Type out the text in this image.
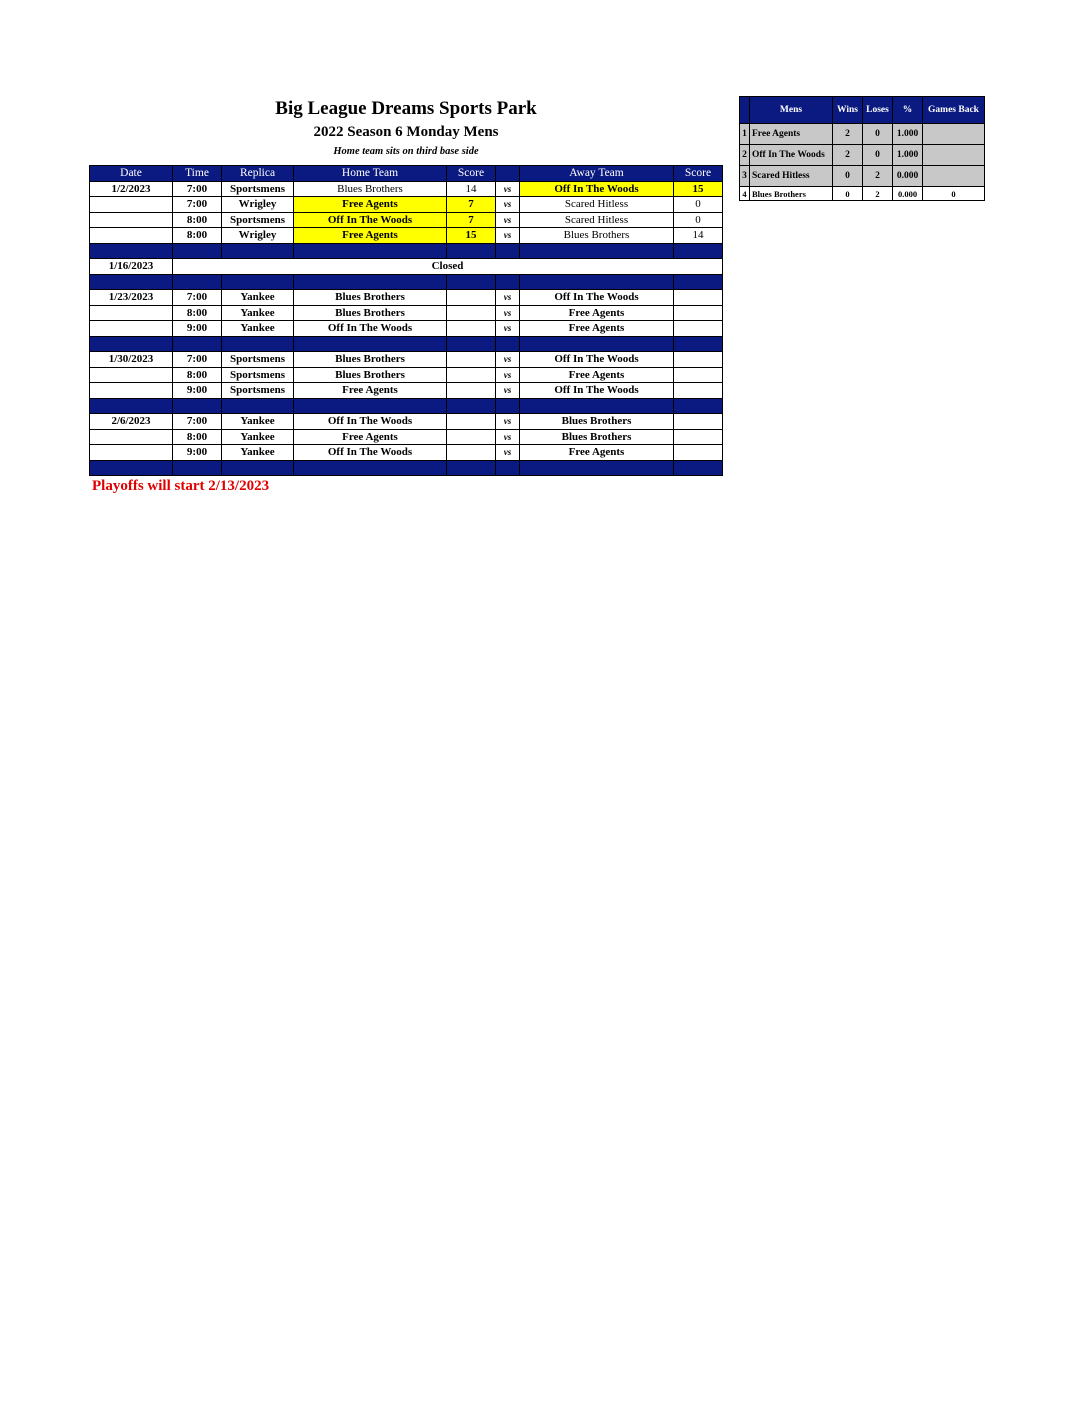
Big League Dreams Sports Park
2022 Season 6 Monday Mens
Home team sits on third base side
Date	Time	Replica	Home Team	Score		Away Team	Score
1/2/2023	7:00	Sportsmens	Blues Brothers	14	vs	Off In The Woods	15
	7:00	Wrigley	Free Agents	7	vs	Scared Hitless	0
	8:00	Sportsmens	Off In The Woods	7	vs	Scared Hitless	0
	8:00	Wrigley	Free Agents	15	vs	Blues Brothers	14

1/16/2023	Closed						

1/23/2023	7:00	Yankee	Blues Brothers		vs	Off In The Woods	
	8:00	Yankee	Blues Brothers		vs	Free Agents	
	9:00	Yankee	Off In The Woods		vs	Free Agents	

1/30/2023	7:00	Sportsmens	Blues Brothers		vs	Off In The Woods	
	8:00	Sportsmens	Blues Brothers		vs	Free Agents	
	9:00	Sportsmens	Free Agents		vs	Off In The Woods	

2/6/2023	7:00	Yankee	Off In The Woods		vs	Blues Brothers	
	8:00	Yankee	Free Agents		vs	Blues Brothers	
	9:00	Yankee	Off In The Woods		vs	Free Agents	

Playoffs will start 2/13/2023
	Mens	Wins	Loses	%	Games Back
1	Free Agents	2	0	1.000	
2	Off In The Woods	2	0	1.000	
3	Scared Hitless	0	2	0.000	
4	Blues Brothers	0	2	0.000	0
